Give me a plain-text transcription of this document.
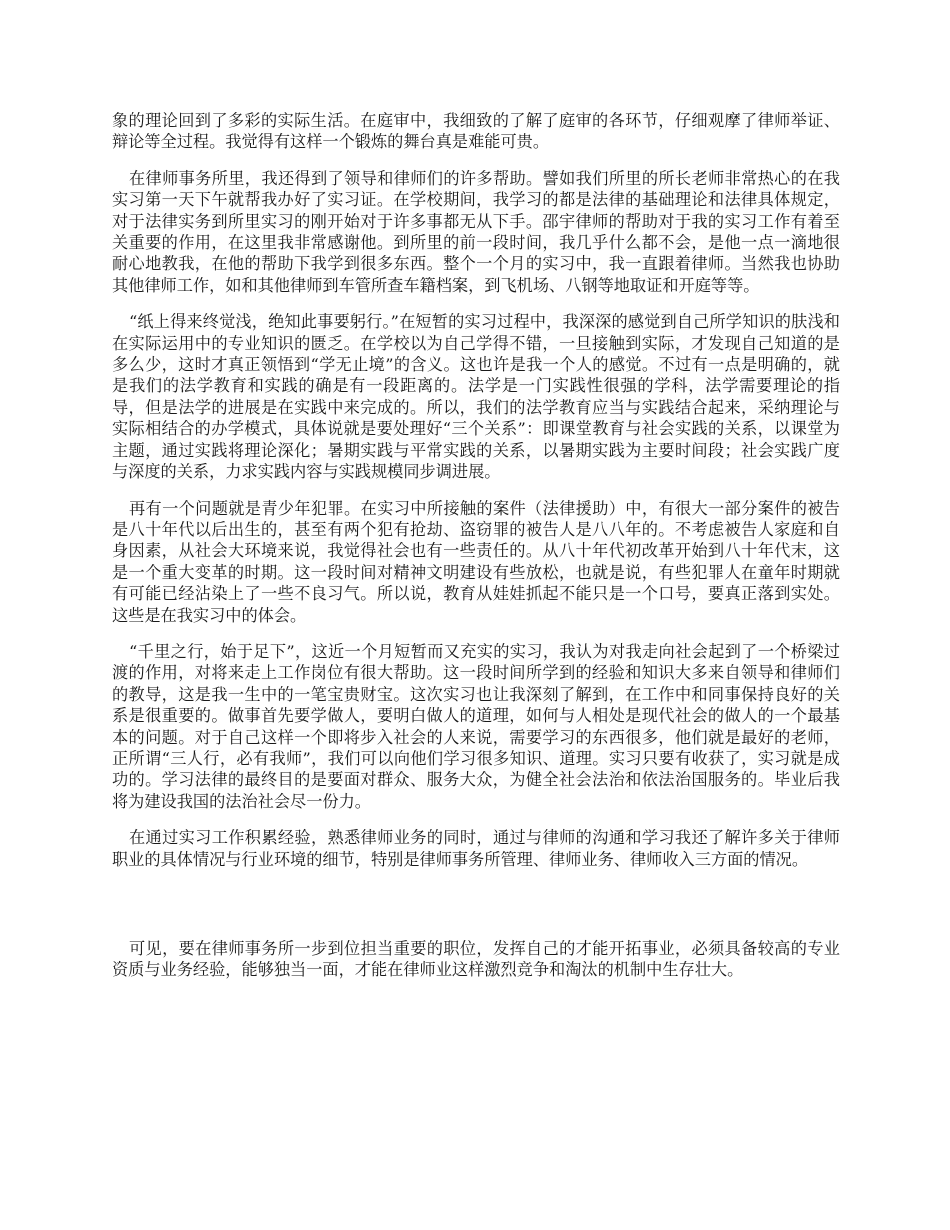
象的理论回到了多彩的实际生活。在庭审中，我细致的了解了庭审的各环节，仔细观摩了律师举证、辩论等全过程。我觉得有这样一个锻炼的舞台真是难能可贵。

在律师事务所里，我还得到了领导和律师们的许多帮助。譬如我们所里的所长老师非常热心的在我实习第一天下午就帮我办好了实习证。在学校期间，我学习的都是法律的基础理论和法律具体规定，对于法律实务到所里实习的刚开始对于许多事都无从下手。邵宇律师的帮助对于我的实习工作有着至关重要的作用，在这里我非常感谢他。到所里的前一段时间，我几乎什么都不会，是他一点一滴地很耐心地教我，在他的帮助下我学到很多东西。整个一个月的实习中，我一直跟着律师。当然我也协助其他律师工作，如和其他律师到车管所查车籍档案，到飞机场、八钢等地取证和开庭等等。

“纸上得来终觉浅，绝知此事要躬行。”在短暂的实习过程中，我深深的感觉到自己所学知识的肤浅和在实际运用中的专业知识的匮乏。在学校以为自己学得不错，一旦接触到实际，才发现自己知道的是多么少，这时才真正领悟到“学无止境”的含义。这也许是我一个人的感觉。不过有一点是明确的，就是我们的法学教育和实践的确是有一段距离的。法学是一门实践性很强的学科，法学需要理论的指导，但是法学的进展是在实践中来完成的。所以，我们的法学教育应当与实践结合起来，采纳理论与实际相结合的办学模式，具体说就是要处理好“三个关系”：即课堂教育与社会实践的关系，以课堂为主题，通过实践将理论深化；暑期实践与平常实践的关系，以暑期实践为主要时间段；社会实践广度与深度的关系，力求实践内容与实践规模同步调进展。

再有一个问题就是青少年犯罪。在实习中所接触的案件（法律援助）中，有很大一部分案件的被告是八十年代以后出生的，甚至有两个犯有抢劫、盗窃罪的被告人是八八年的。不考虑被告人家庭和自身因素，从社会大环境来说，我觉得社会也有一些责任的。从八十年代初改革开始到八十年代末，这是一个重大变革的时期。这一段时间对精神文明建设有些放松，也就是说，有些犯罪人在童年时期就有可能已经沾染上了一些不良习气。所以说，教育从娃娃抓起不能只是一个口号，要真正落到实处。这些是在我实习中的体会。

“千里之行，始于足下”，这近一个月短暂而又充实的实习，我认为对我走向社会起到了一个桥梁过渡的作用，对将来走上工作岗位有很大帮助。这一段时间所学到的经验和知识大多来自领导和律师们的教导，这是我一生中的一笔宝贵财宝。这次实习也让我深刻了解到，在工作中和同事保持良好的关系是很重要的。做事首先要学做人，要明白做人的道理，如何与人相处是现代社会的做人的一个最基本的问题。对于自己这样一个即将步入社会的人来说，需要学习的东西很多，他们就是最好的老师，正所谓“三人行，必有我师”，我们可以向他们学习很多知识、道理。实习只要有收获了，实习就是成功的。学习法律的最终目的是要面对群众、服务大众，为健全社会法治和依法治国服务的。毕业后我将为建设我国的法治社会尽一份力。

在通过实习工作积累经验，熟悉律师业务的同时，通过与律师的沟通和学习我还了解许多关于律师职业的具体情况与行业环境的细节，特别是律师事务所管理、律师业务、律师收入三方面的情况。

可见，要在律师事务所一步到位担当重要的职位，发挥自己的才能开拓事业，必须具备较高的专业资质与业务经验，能够独当一面，才能在律师业这样激烈竞争和淘汰的机制中生存壮大。
